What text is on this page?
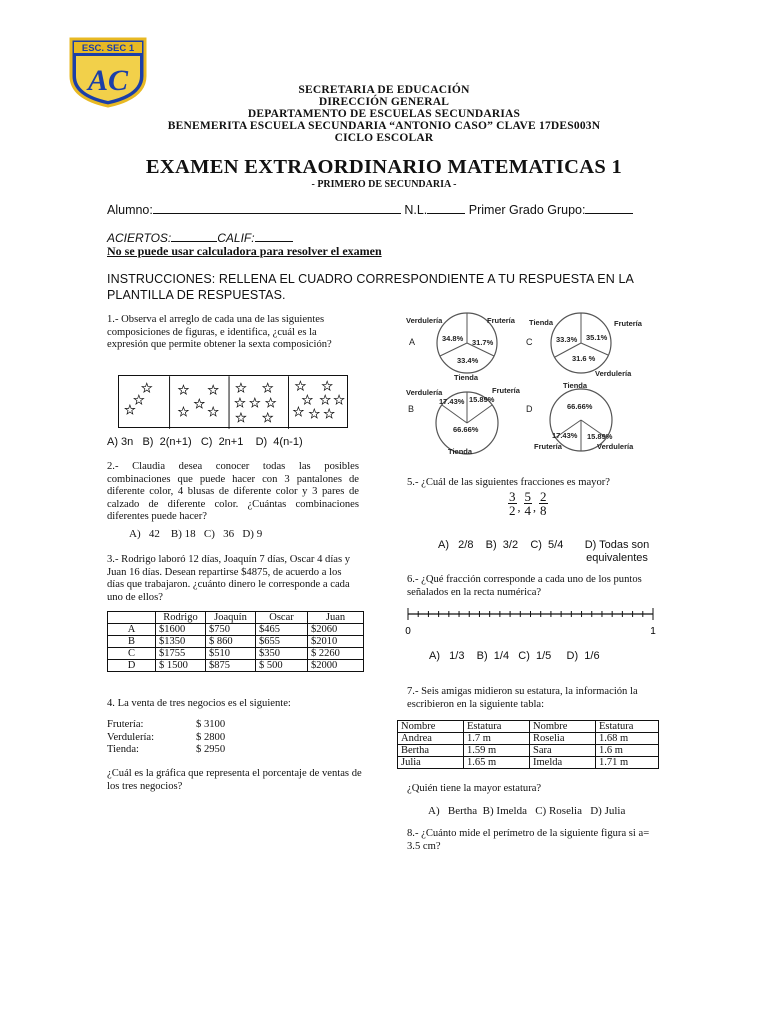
AC
ESC. SEC 1
SECRETARIA DE EDUCACIÓN
DIRECCIÓN GENERAL
DEPARTAMENTO DE ESCUELAS SECUNDARIAS
BENEMERITA ESCUELA SECUNDARIA “ANTONIO CASO” CLAVE 17DES003N
CICLO ESCOLAR
EXAMEN EXTRAORDINARIO MATEMATICAS 1
- PRIMERO DE SECUNDARIA -
Alumno:	N.L.	Primer Grado Grupo:
ACIERTOS:	CALIF:
No se puede usar calculadora para resolver el examen
INSTRUCCIONES: RELLENA EL CUADRO CORRESPONDIENTE A TU RESPUESTA EN LA PLANTILLA DE RESPUESTAS.
1.- Observa el arreglo de cada una de las siguientes composiciones de figuras, e identifica, ¿cuál es la expresión que permite obtener la sexta composición?
A) 3n   B)  2(n+1)   C)  2n+1    D)  4(n-1)
2.- Claudia desea conocer todas las posibles combinaciones que puede hacer con 3 pantalones de diferente color, 4 blusas de diferente color y 3 pares de calzado de diferente color. ¿Cuántas combinaciones diferentes puede hacer?
A)   42    B) 18   C)   36   D) 9
3.- Rodrigo laboró 12 días, Joaquín 7 días, Oscar 4 días y Juan 16 días. Desean repartirse $4875, de acuerdo a los días que trabajaron. ¿cuánto dinero le corresponde a cada uno de ellos?
	Rodrigo	Joaquín	Oscar	Juan
A	$1600	$750	$465	$2060
B	$1350	$ 860	$655	$2010
C	$1755	$510	$350	$ 2260
D	$ 1500	$875	$ 500	$2000
4. La venta de tres negocios es el siguiente:
Frutería:	$ 3100
Verdulería:	$ 2800
Tienda:	$ 2950
¿Cuál es la gráfica que representa el porcentaje de ventas de los tres negocios?
Verdulería	Frutería
Tienda
34.8% 31.7%
33.4%
A
Tienda	Frutería
Verdulería
33.3% 35.1%
31.6 %
C
Verdulería	Frutería
Tienda
17.43% 15.89%
66.66%
B
Tienda
Frutería	Verdulería
66.66%
17.43% 15.89%
D
5.- ¿Cuál de las siguientes fracciones es mayor?
$\frac{3}{2}$ , $\frac{5}{4}$ , $\frac{2}{8}$
A)   2/8    B)  3/2    C)  5/4	D) Todas son equivalentes
6.- ¿Qué fracción corresponde a cada uno de los puntos señalados en la recta numérica?
0	1
A)   1/3    B)  1/4   C)  1/5     D)  1/6
7.- Seis amigas midieron su estatura, la información la escribieron en la siguiente tabla:
Nombre	Estatura	Nombre	Estatura
Andrea	1.7 m	Roselia	1.68 m
Bertha	1.59 m	Sara	1.6 m
Julia	1.65 m	Imelda	1.71 m
¿Quién tiene la mayor estatura?
A)   Bertha  B) Imelda   C) Roselia   D) Julia
8.- ¿Cuánto mide el perímetro de la siguiente figura si a= 3.5 cm?
